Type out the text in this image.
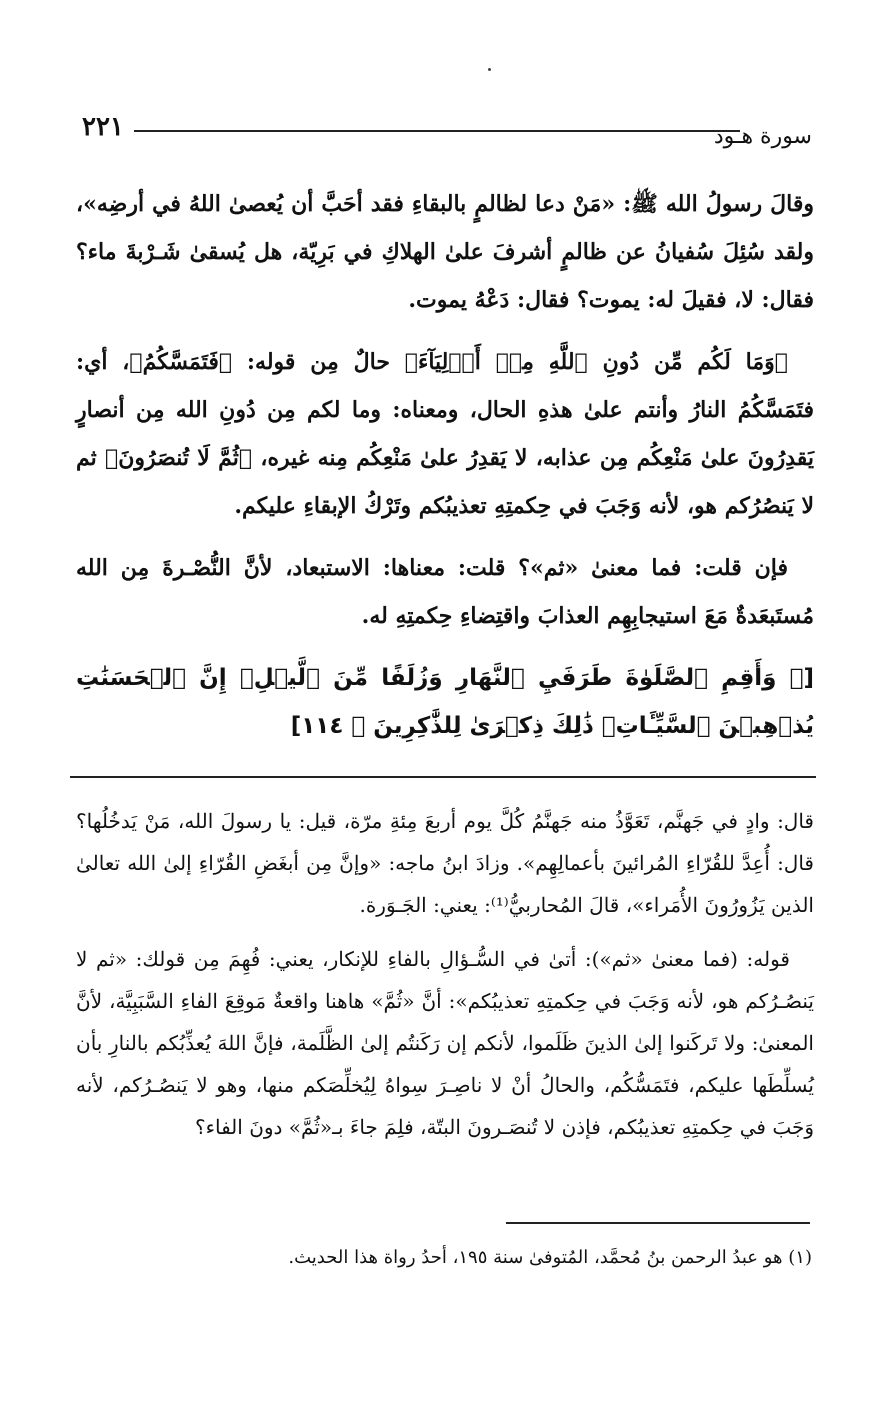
٢٢١	سورة هـود

وقالَ رسولُ الله ﷺ: «مَنْ دعا لظالمٍ بالبقاءِ فقد أحَبَّ أن يُعصىٰ اللهُ في أرضِه»، ولقد سُئِلَ سُفيانُ عن ظالمٍ أشرفَ علىٰ الهلاكِ في بَرِيّة، هل يُسقىٰ شَـرْبةَ ماء؟ فقال: لا، فقيلَ له: يموت؟ فقال: دَعْهُ يموت.

﴿وَمَا لَكُم مِّن دُونِ ٱللَّهِ مِنۡ أَوۡلِيَآءَ﴾ حالٌ مِن قوله: ﴿فَتَمَسَّكُمُ﴾، أي: فتَمَسَّكُمُ النارُ وأنتم علىٰ هذهِ الحال، ومعناه: وما لكم مِن دُونِ الله مِن أنصارٍ يَقدِرُونَ علىٰ مَنْعِكُم مِن عذابه، لا يَقدِرُ علىٰ مَنْعِكُم مِنه غيره، ﴿ثُمَّ لَا تُنصَرُونَ﴾ ثم لا يَنصُرُكم هو، لأنه وَجَبَ في حِكمتِهِ تعذيبُكم وتَرْكُ الإبقاءِ عليكم.

فإن قلت: فما معنىٰ «ثم»؟ قلت: معناها: الاستبعاد، لأنَّ النُّصْـرةَ مِن الله مُستَبعَدةٌ مَعَ استيجابِهِم العذابَ واقتِضاءِ حِكمتِهِ له.

[﴿ وَأَقِمِ ٱلصَّلَوٰةَ طَرَفَيِ ٱلنَّهَارِ وَزُلَفًا مِّنَ ٱلَّيۡلِۚ إِنَّ ٱلۡحَسَنَٰتِ يُذۡهِبۡنَ ٱلسَّيِّـَٔاتِۚ ذَٰلِكَ ذِكۡرَىٰ لِلذَّٰكِرِينَ ﴾ ١١٤]

قال: وادٍ في جَهنَّم، تَعَوَّذُ منه جَهنَّمُ كُلَّ يوم أربعَ مِئةِ مرّة، قيل: يا رسولَ الله، مَنْ يَدخُلُها؟ قال: أُعِدَّ للقُرّاءِ المُرائينَ بأعمالِهِم». وزادَ ابنُ ماجه: «وإنَّ مِن أبغَضِ القُرّاءِ إلىٰ الله تعالىٰ الذين يَزُورُونَ الأُمَراء»، قالَ المُحاربيُّ⁽¹⁾: يعني: الجَـوَرة.

قوله: (فما معنىٰ «ثم»): أتىٰ في السُّـؤالِ بالفاءِ للإنكار، يعني: فُهِمَ مِن قولك: «ثم لا يَنصُـرُكم هو، لأنه وَجَبَ في حِكمتِهِ تعذيبُكم»: أنَّ «ثُمَّ» هاهنا واقعةٌ مَوقِعَ الفاءِ السَّبَبِيَّة، لأنَّ المعنىٰ: ولا تَركَنوا إلىٰ الذينَ ظَلَموا، لأنكم إن رَكَنتُم إلىٰ الظَّلَمة، فإنَّ اللهَ يُعذِّبُكم بالنارِ بأن يُسلِّطَها عليكم، فتَمَسُّكُم، والحالُ أنْ لا ناصِـرَ سِواهُ لِيُخلِّصَكم منها، وهو لا يَنصُـرُكم، لأنه وَجَبَ في حِكمتِهِ تعذيبُكم، فإذن لا تُنصَـرونَ البتّة، فلِمَ جاءَ بـ«ثُمَّ» دونَ الفاء؟

(١) هو عبدُ الرحمن بنُ مُحمَّد، المُتوفىٰ سنة ١٩٥، أحدُ رواة هذا الحديث.
